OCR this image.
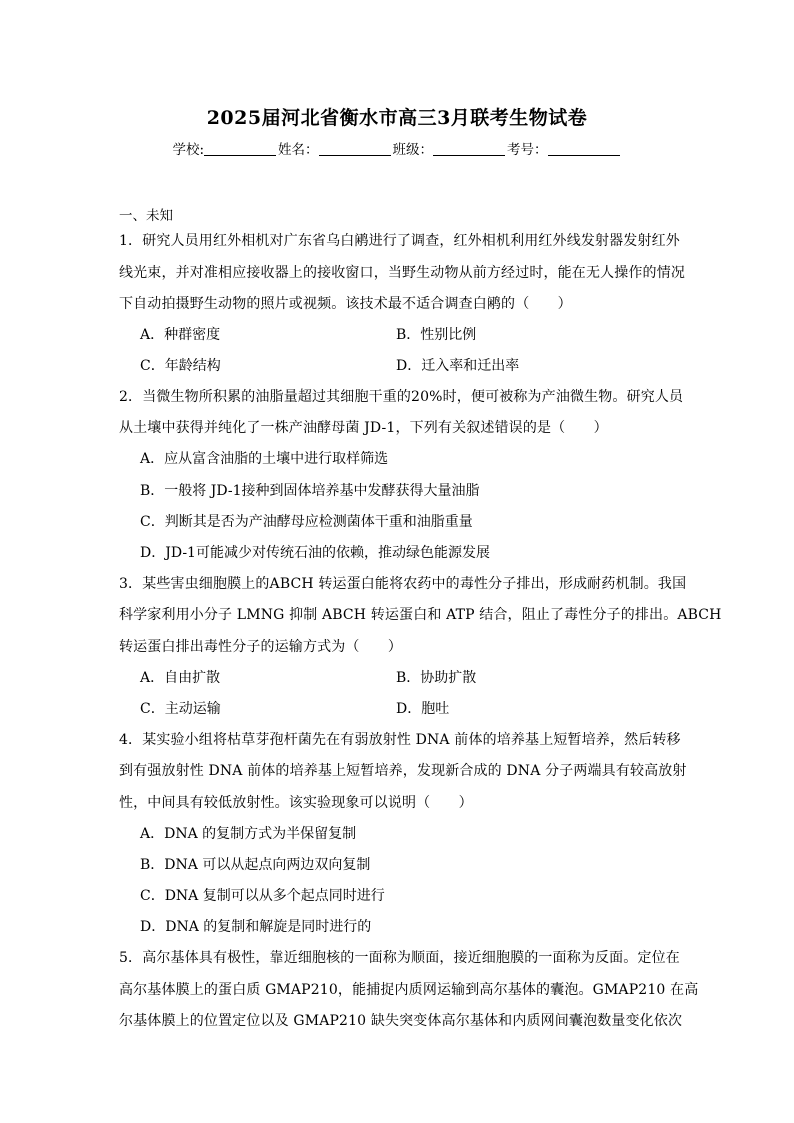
2025届河北省衡水市高三3月联考生物试卷
学校:	姓名：	班级：	考号：
一、未知
1．研究人员用红外相机对广东省乌白鹇进行了调查，红外相机利用红外线发射器发射红外
线光束，并对准相应接收器上的接收窗口，当野生动物从前方经过时，能在无人操作的情况
下自动拍摄野生动物的照片或视频。该技术最不适合调查白鹇的（　　）
A．种群密度	B．性别比例
C．年龄结构	D．迁入率和迁出率
2．当微生物所积累的油脂量超过其细胞干重的20%时，便可被称为产油微生物。研究人员
从土壤中获得并纯化了一株产油酵母菌 JD-1，下列有关叙述错误的是（　　）
A．应从富含油脂的土壤中进行取样筛选
B．一般将 JD-1接种到固体培养基中发酵获得大量油脂
C．判断其是否为产油酵母应检测菌体干重和油脂重量
D．JD-1可能减少对传统石油的依赖，推动绿色能源发展
3．某些害虫细胞膜上的ABCH 转运蛋白能将农药中的毒性分子排出，形成耐药机制。我国
科学家利用小分子 LMNG 抑制 ABCH 转运蛋白和 ATP 结合，阻止了毒性分子的排出。ABCH
转运蛋白排出毒性分子的运输方式为（　　）
A．自由扩散	B．协助扩散
C．主动运输	D．胞吐
4．某实验小组将枯草芽孢杆菌先在有弱放射性 DNA 前体的培养基上短暂培养，然后转移
到有强放射性 DNA 前体的培养基上短暂培养，发现新合成的 DNA 分子两端具有较高放射
性，中间具有较低放射性。该实验现象可以说明（　　）
A．DNA 的复制方式为半保留复制
B．DNA 可以从起点向两边双向复制
C．DNA 复制可以从多个起点同时进行
D．DNA 的复制和解旋是同时进行的
5．高尔基体具有极性，靠近细胞核的一面称为顺面，接近细胞膜的一面称为反面。定位在
高尔基体膜上的蛋白质 GMAP210，能捕捉内质网运输到高尔基体的囊泡。GMAP210 在高
尔基体膜上的位置定位以及 GMAP210 缺失突变体高尔基体和内质网间囊泡数量变化依次
